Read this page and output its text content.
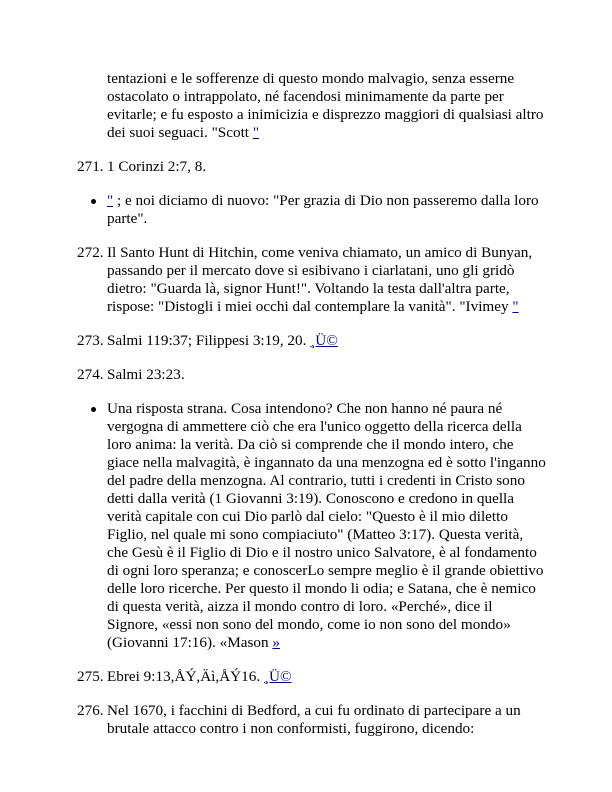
tentazioni e le sofferenze di questo mondo malvagio, senza esserne ostacolato o intrappolato, né facendosi minimamente da parte per evitarle; e fu esposto a inimicizia e disprezzo maggiori di qualsiasi altro dei suoi seguaci. "Scott "

271. 1 Corinzi 2:7, 8.
" ; e noi diciamo di nuovo: "Per grazia di Dio non passeremo dalla loro parte".
272. Il Santo Hunt di Hitchin, come veniva chiamato, un amico di Bunyan, passando per il mercato dove si esibivano i ciarlatani, uno gli gridò dietro: "Guarda là, signor Hunt!". Voltando la testa dall'altra parte, rispose: "Distogli i miei occhi dal contemplare la vanità". "Ivimey "
273. Salmi 119:37; Filippesi 3:19, 20. ¸Ü©
274. Salmi 23:23.
Una risposta strana. Cosa intendono? Che non hanno né paura né vergogna di ammettere ciò che era l'unico oggetto della ricerca della loro anima: la verità. Da ciò si comprende che il mondo intero, che giace nella malvagità, è ingannato da una menzogna ed è sotto l'inganno del padre della menzogna. Al contrario, tutti i credenti in Cristo sono detti dalla verità (1 Giovanni 3:19). Conoscono e credono in quella verità capitale con cui Dio parlò dal cielo: "Questo è il mio diletto Figlio, nel quale mi sono compiaciuto" (Matteo 3:17). Questa verità, che Gesù è il Figlio di Dio e il nostro unico Salvatore, è al fondamento di ogni loro speranza; e conoscerLo sempre meglio è il grande obiettivo delle loro ricerche. Per questo il mondo li odia; e Satana, che è nemico di questa verità, aizza il mondo contro di loro. «Perché», dice il Signore, «essi non sono del mondo, come io non sono del mondo» (Giovanni 17:16). «Mason »
275. Ebrei 9:13,ÅÝ,Äì,ÅÝ16. ¸Ü©
276. Nel 1670, i facchini di Bedford, a cui fu ordinato di partecipare a un brutale attacco contro i non conformisti, fuggirono, dicendo:
